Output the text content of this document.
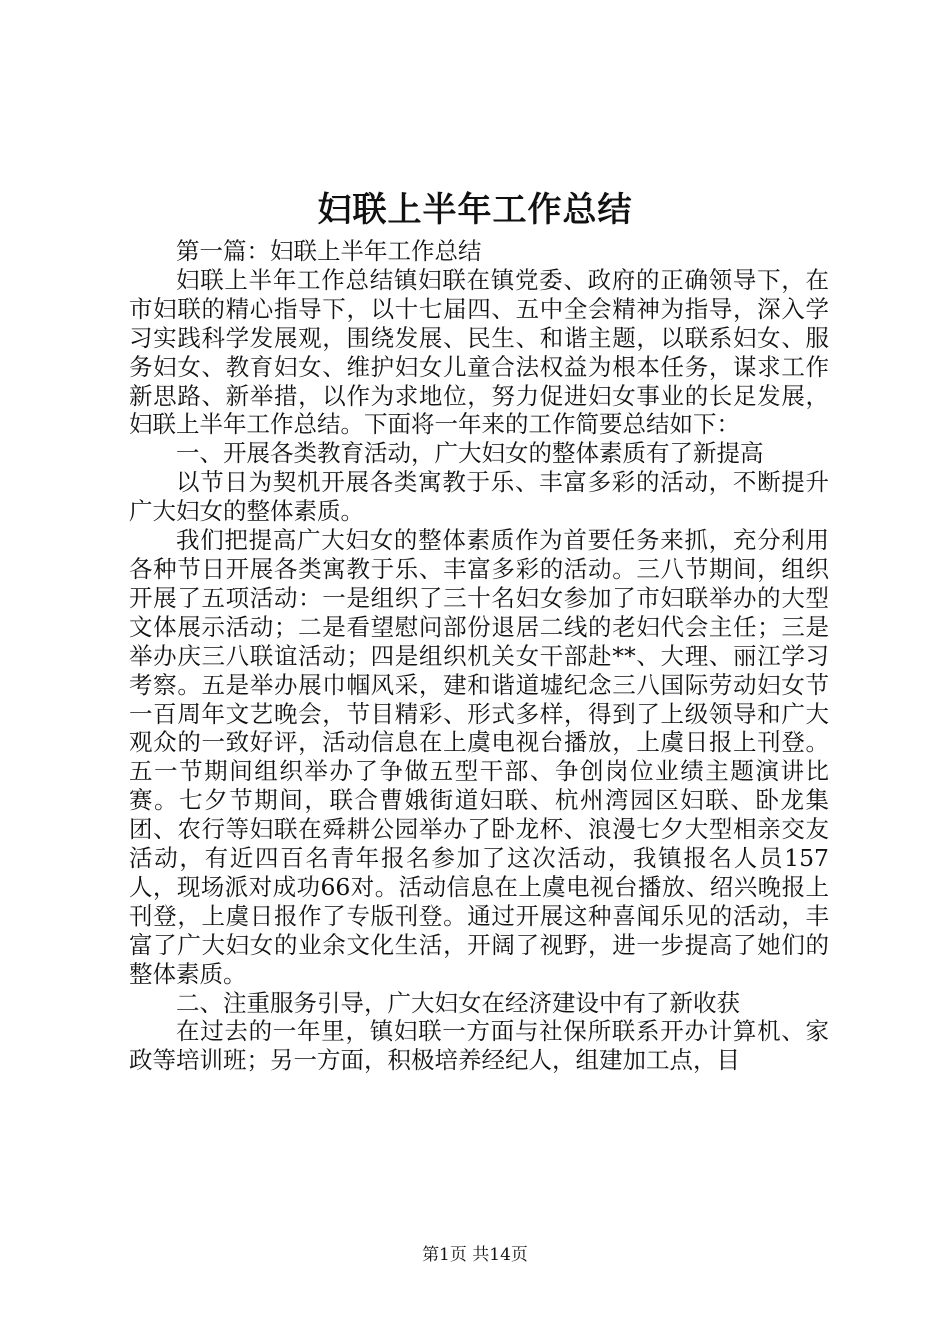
妇联上半年工作总结

第一篇：妇联上半年工作总结

妇联上半年工作总结镇妇联在镇党委、政府的正确领导下，在市妇联的精心指导下，以十七届四、五中全会精神为指导，深入学习实践科学发展观，围绕发展、民生、和谐主题，以联系妇女、服务妇女、教育妇女、维护妇女儿童合法权益为根本任务，谋求工作新思路、新举措，以作为求地位，努力促进妇女事业的长足发展，妇联上半年工作总结。下面将一年来的工作简要总结如下：

一、开展各类教育活动，广大妇女的整体素质有了新提高

以节日为契机开展各类寓教于乐、丰富多彩的活动，不断提升广大妇女的整体素质。

我们把提高广大妇女的整体素质作为首要任务来抓，充分利用各种节日开展各类寓教于乐、丰富多彩的活动。三八节期间，组织开展了五项活动：一是组织了三十名妇女参加了市妇联举办的大型文体展示活动；二是看望慰问部份退居二线的老妇代会主任；三是举办庆三八联谊活动；四是组织机关女干部赴**、大理、丽江学习考察。五是举办展巾帼风采，建和谐道墟纪念三八国际劳动妇女节一百周年文艺晚会，节目精彩、形式多样，得到了上级领导和广大观众的一致好评，活动信息在上虞电视台播放，上虞日报上刊登。五一节期间组织举办了争做五型干部、争创岗位业绩主题演讲比赛。七夕节期间，联合曹娥街道妇联、杭州湾园区妇联、卧龙集团、农行等妇联在舜耕公园举办了卧龙杯、浪漫七夕大型相亲交友活动，有近四百名青年报名参加了这次活动，我镇报名人员157人，现场派对成功66对。活动信息在上虞电视台播放、绍兴晚报上刊登，上虞日报作了专版刊登。通过开展这种喜闻乐见的活动，丰富了广大妇女的业余文化生活，开阔了视野，进一步提高了她们的整体素质。

二、注重服务引导，广大妇女在经济建设中有了新收获

在过去的一年里，镇妇联一方面与社保所联系开办计算机、家政等培训班；另一方面，积极培养经纪人，组建加工点，目

第1页 共14页
